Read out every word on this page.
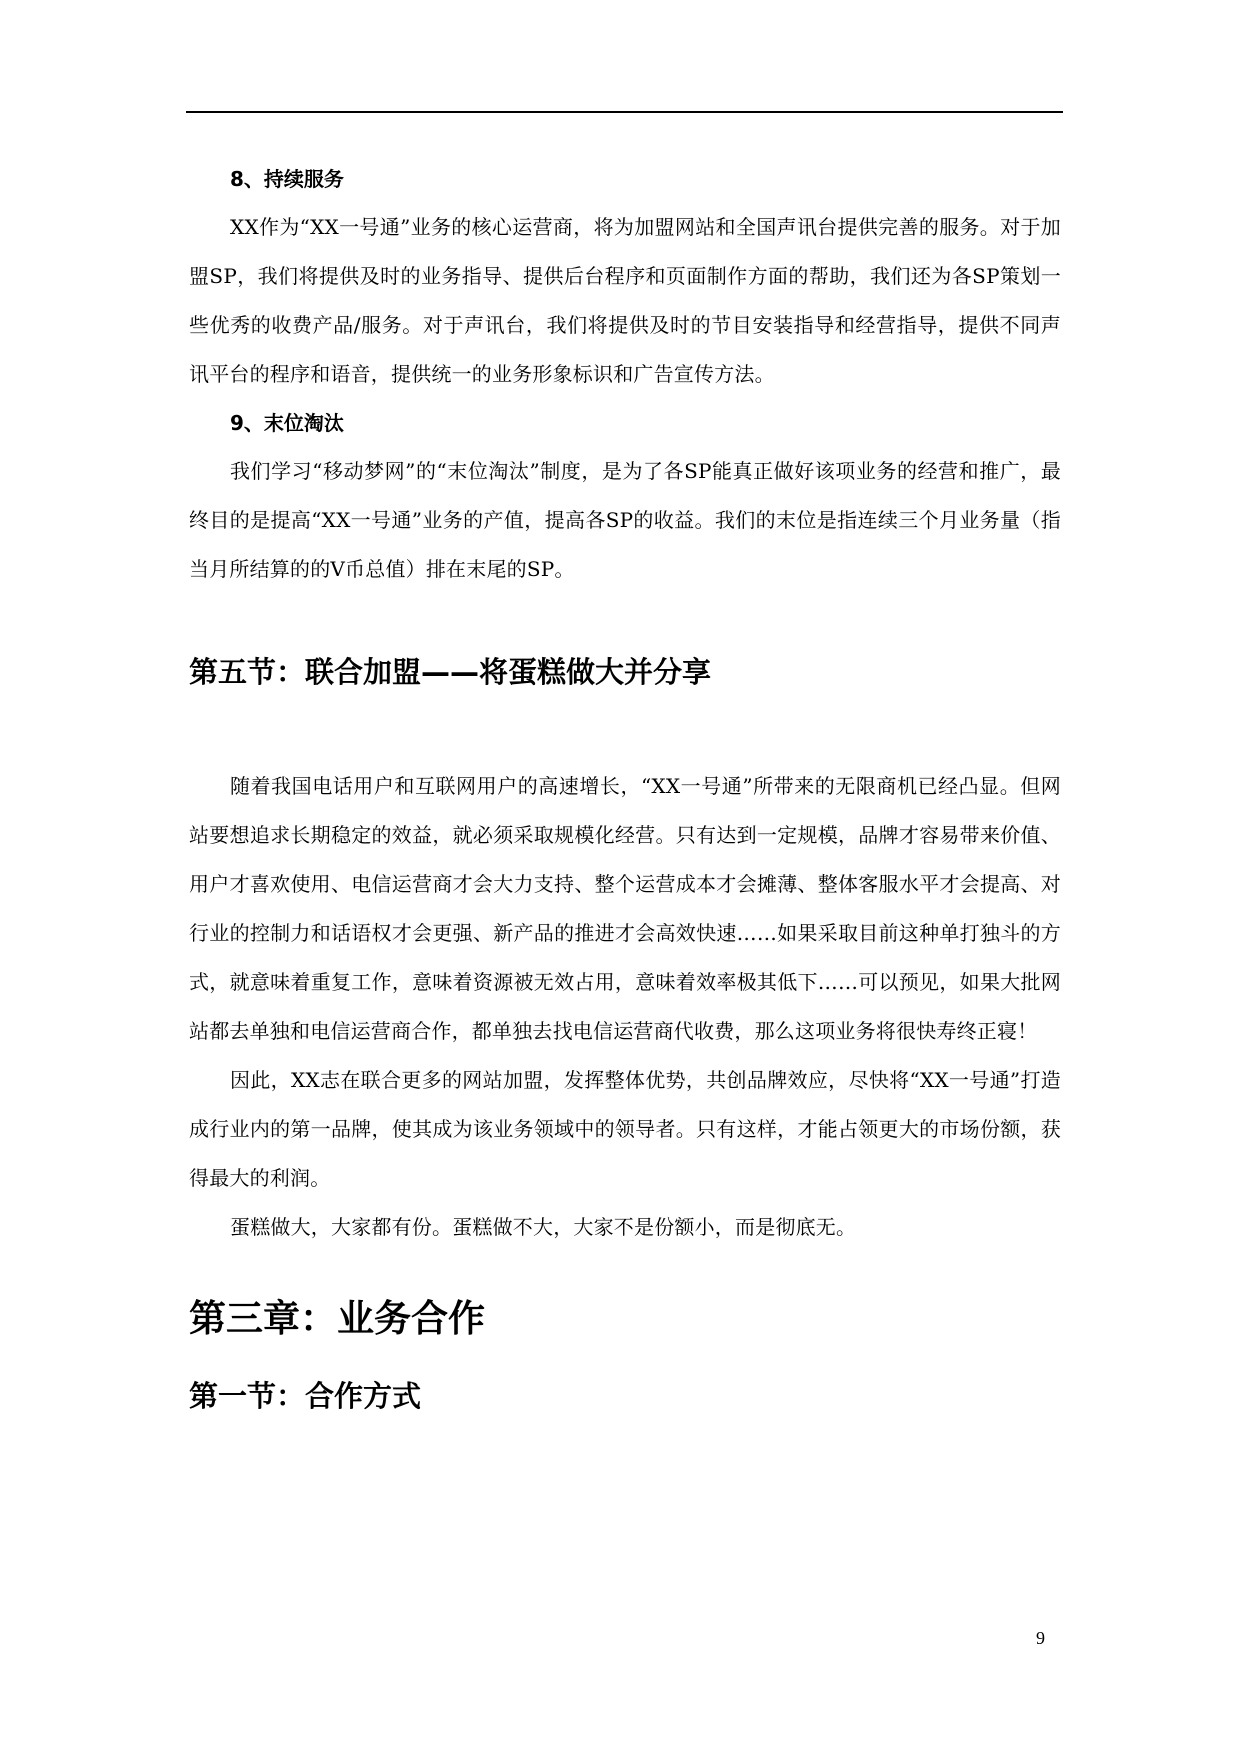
8、持续服务

XX作为“XX一号通”业务的核心运营商，将为加盟网站和全国声讯台提供完善的服务。对于加盟SP，我们将提供及时的业务指导、提供后台程序和页面制作方面的帮助，我们还为各SP策划一些优秀的收费产品/服务。对于声讯台，我们将提供及时的节目安装指导和经营指导，提供不同声讯平台的程序和语音，提供统一的业务形象标识和广告宣传方法。

9、末位淘汰

我们学习“移动梦网”的“末位淘汰”制度，是为了各SP能真正做好该项业务的经营和推广，最终目的是提高“XX一号通”业务的产值，提高各SP的收益。我们的末位是指连续三个月业务量（指当月所结算的的V币总值）排在末尾的SP。

第五节：联合加盟——将蛋糕做大并分享

随着我国电话用户和互联网用户的高速增长，“XX一号通”所带来的无限商机已经凸显。但网站要想追求长期稳定的效益，就必须采取规模化经营。只有达到一定规模，品牌才容易带来价值、用户才喜欢使用、电信运营商才会大力支持、整个运营成本才会摊薄、整体客服水平才会提高、对行业的控制力和话语权才会更强、新产品的推进才会高效快速……如果采取目前这种单打独斗的方式，就意味着重复工作，意味着资源被无效占用，意味着效率极其低下……可以预见，如果大批网站都去单独和电信运营商合作，都单独去找电信运营商代收费，那么这项业务将很快寿终正寝！

因此，XX志在联合更多的网站加盟，发挥整体优势，共创品牌效应，尽快将“XX一号通”打造成行业内的第一品牌，使其成为该业务领域中的领导者。只有这样，才能占领更大的市场份额，获得最大的利润。

蛋糕做大，大家都有份。蛋糕做不大，大家不是份额小，而是彻底无。

第三章：业务合作
第一节：合作方式
9
